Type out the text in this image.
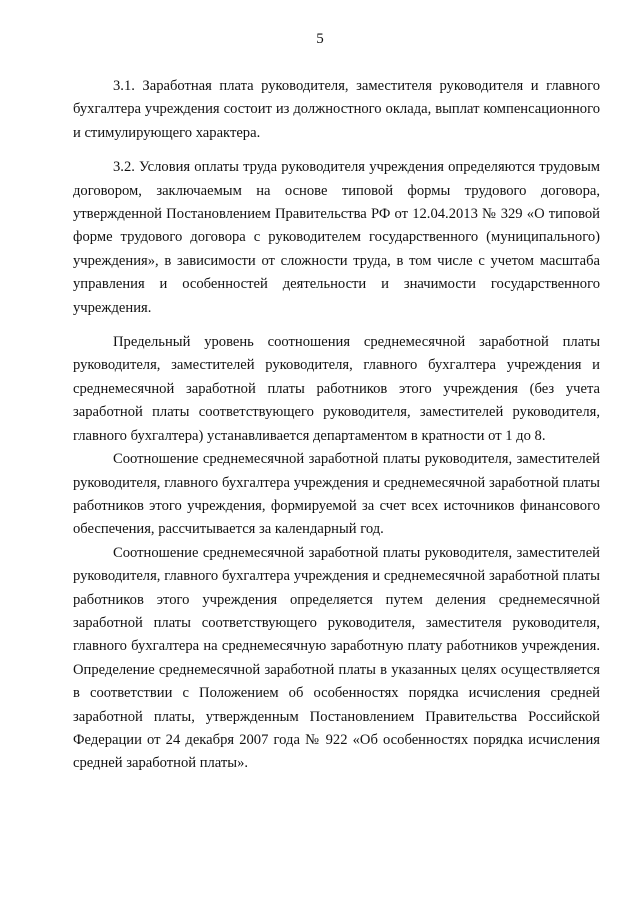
5

3.1. Заработная плата руководителя, заместителя руководителя и главного бухгалтера учреждения состоит из должностного оклада, выплат компенсационного и стимулирующего характера.

3.2. Условия оплаты труда руководителя учреждения определяются трудовым договором, заключаемым на основе типовой формы трудового договора, утвержденной Постановлением Правительства РФ от 12.04.2013 № 329 «О типовой форме трудового договора с руководителем государственного (муниципального) учреждения», в зависимости от сложности труда, в том числе с учетом масштаба управления и особенностей деятельности и значимости государственного учреждения.

Предельный уровень соотношения среднемесячной заработной платы руководителя, заместителей руководителя, главного бухгалтера учреждения и среднемесячной заработной платы работников этого учреждения (без учета заработной платы соответствующего руководителя, заместителей руководителя, главного бухгалтера) устанавливается департаментом в кратности от 1 до 8.

Соотношение среднемесячной заработной платы руководителя, заместителей руководителя, главного бухгалтера учреждения и среднемесячной заработной платы работников этого учреждения, формируемой за счет всех источников финансового обеспечения, рассчитывается за календарный год.

Соотношение среднемесячной заработной платы руководителя, заместителей руководителя, главного бухгалтера учреждения и среднемесячной заработной платы работников этого учреждения определяется путем деления среднемесячной заработной платы соответствующего руководителя, заместителя руководителя, главного бухгалтера на среднемесячную заработную плату работников учреждения. Определение среднемесячной заработной платы в указанных целях осуществляется в соответствии с Положением об особенностях порядка исчисления средней заработной платы, утвержденным Постановлением Правительства Российской Федерации от 24 декабря 2007 года № 922 «Об особенностях порядка исчисления средней заработной платы».
